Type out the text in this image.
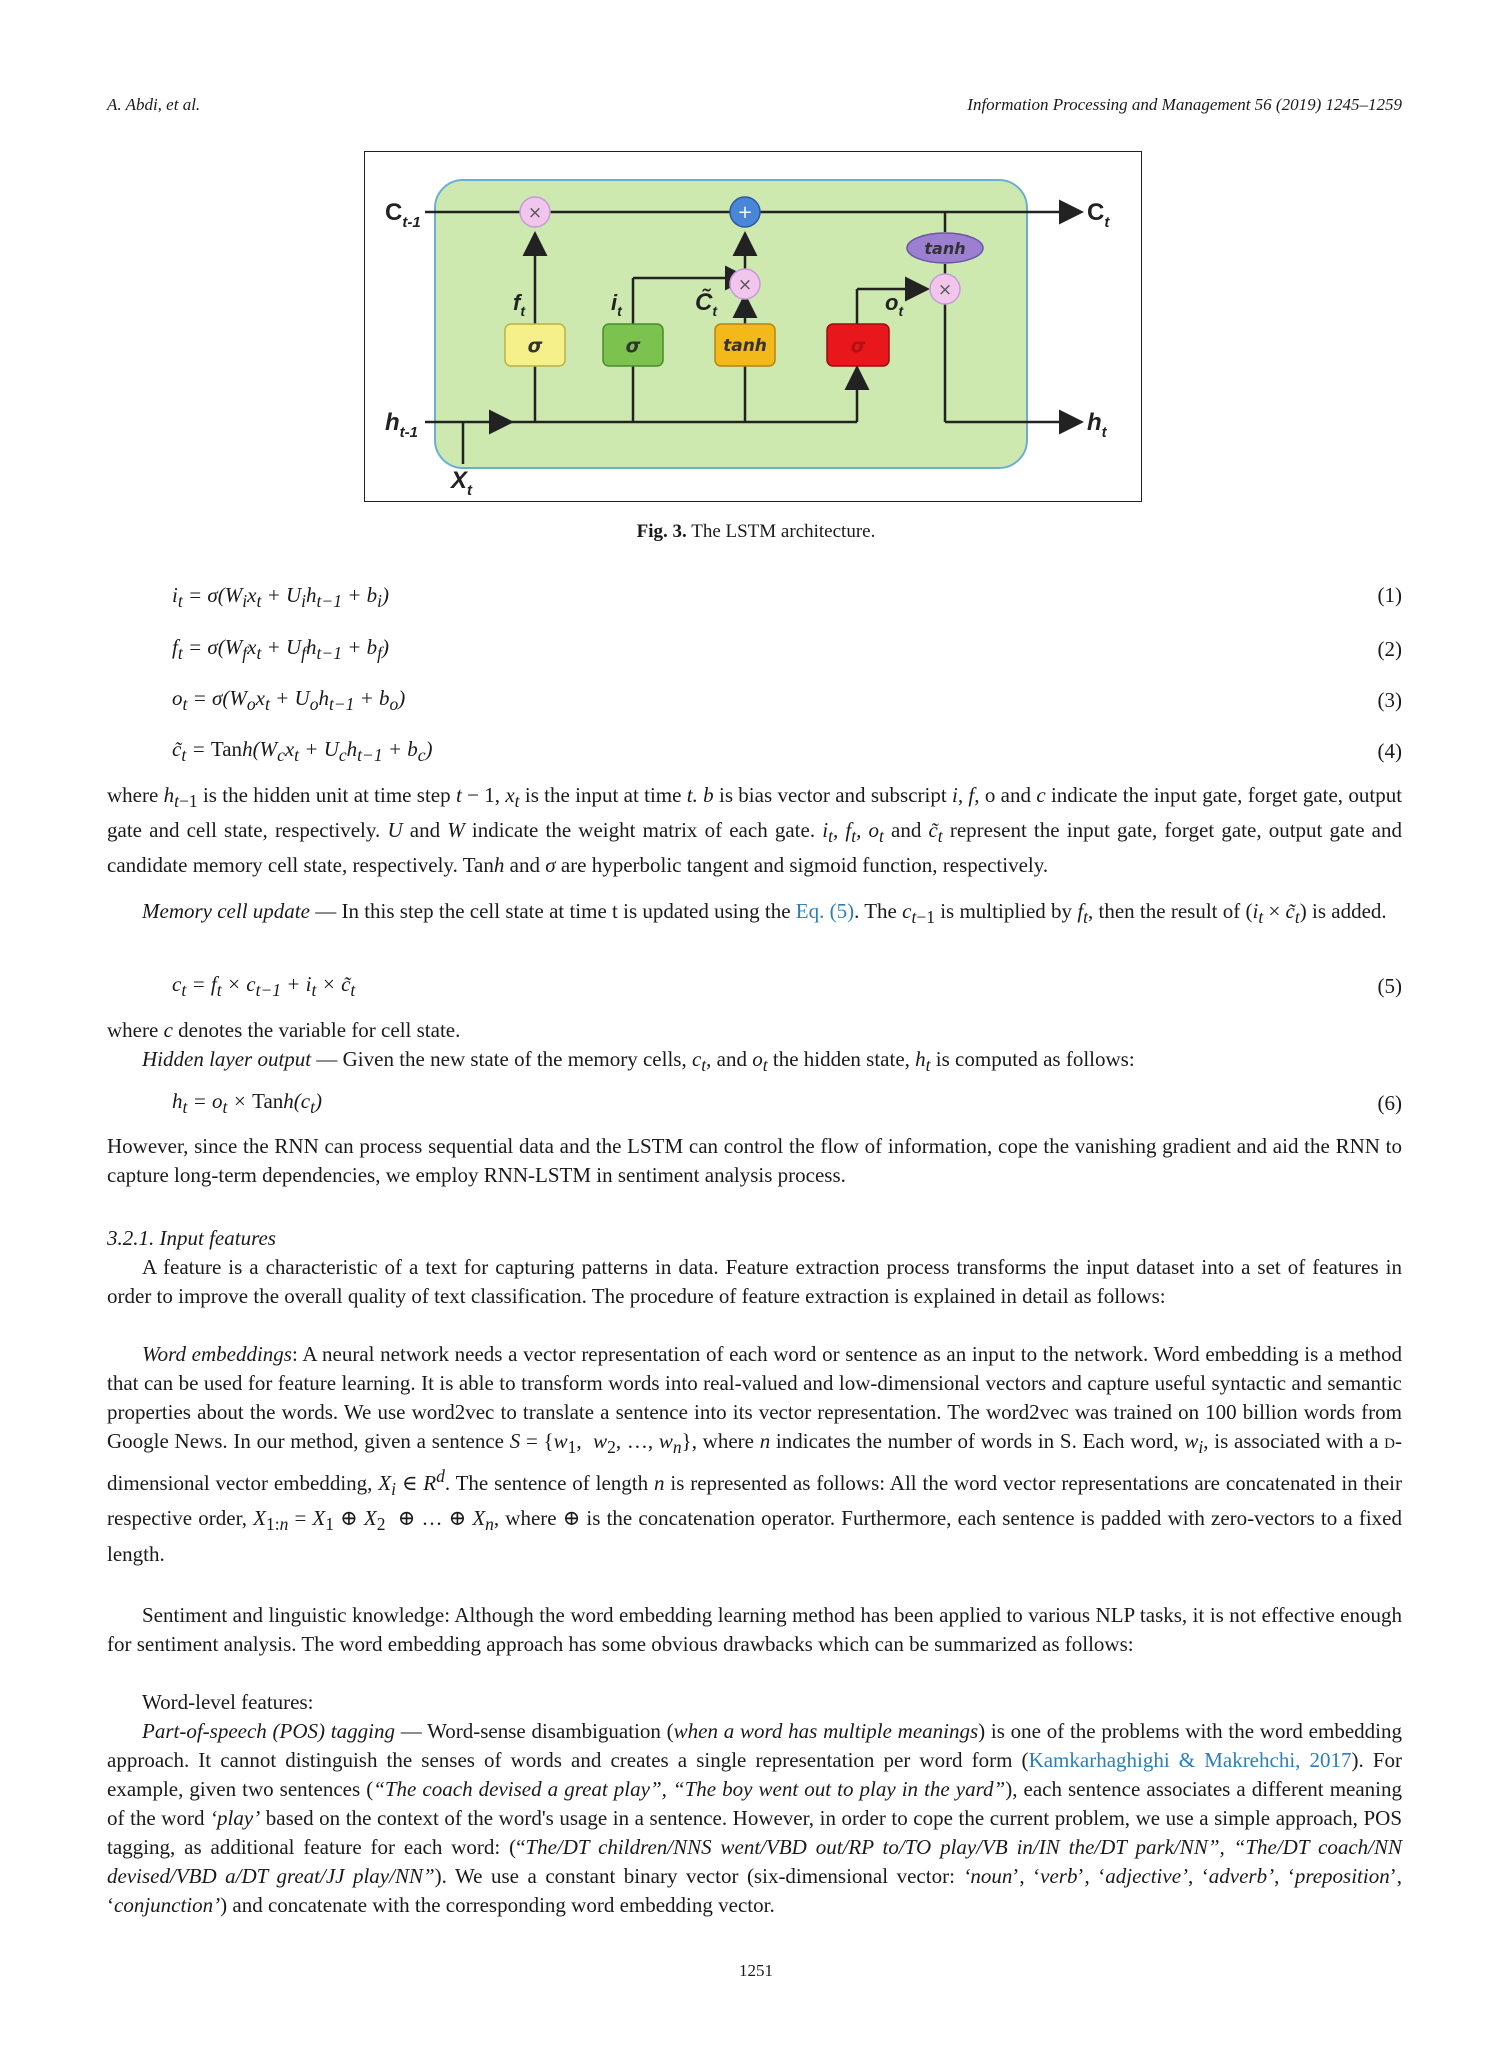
A. Abdi, et al.	Information Processing and Management 56 (2019) 1245–1259
×	+
×	×
tanh
σ	σ	tanh	σ
$C_{t-1}$	$C_t$
$h_{t-1}$	$h_t$
$X_t$
$f_t$	$i_t$	$C̃_t$	$o_t$
Fig. 3. The LSTM architecture.
$i_t = \sigma(W_ix_t + U_ih_{t-1} + b_i)$	(1)
$f_t = \sigma(W_fx_t + U_fh_{t-1} + b_f)$	(2)
$o_t = \sigma(W_ox_t + U_oh_{t-1} + b_o)$	(3)
$c̃_t$ = $Tanh(W_cx_t + U_ch_{t-1} + b_c)$	(4)

where $h_{t-1}$ is the hidden unit at time step t − 1, $x_t$ is the input at time t. b is bias vector and subscript i, f, o and c indicate the input gate, forget gate, output gate and cell state, respectively. U and W indicate the weight matrix of each gate. $i_t$, $f_t$, $o_t$ and $c̃_t$ represent the input gate, forget gate, output gate and candidate memory cell state, respectively. Tanh and σ are hyperbolic tangent and sigmoid function, respectively.

Memory cell update — In this step the cell state at time t is updated using the Eq. (5). The $c_{t-1}$ is multiplied by $f_t$, then the result of ($i_t$ × $c̃_t$) is added.

$c_t = f_t \times c_{t-1} + i_t$ × $c̃_t$	(5)

where c denotes the variable for cell state.

Hidden layer output — Given the new state of the memory cells, $c_t$, and $o_t$ the hidden state, $h_t$ is computed as follows:

$h_t = o_t$ × $Tanh(c_t)$	(6)

However, since the RNN can process sequential data and the LSTM can control the flow of information, cope the vanishing gradient and aid the RNN to capture long-term dependencies, we employ RNN-LSTM in sentiment analysis process.

3.2.1. Input features

A feature is a characteristic of a text for capturing patterns in data. Feature extraction process transforms the input dataset into a set of features in order to improve the overall quality of text classification. The procedure of feature extraction is explained in detail as follows:

Word embeddings: A neural network needs a vector representation of each word or sentence as an input to the network. Word embedding is a method that can be used for feature learning. It is able to transform words into real-valued and low-dimensional vectors and capture useful syntactic and semantic properties about the words. We use word2vec to translate a sentence into its vector representation. The word2vec was trained on 100 billion words from Google News. In our method, given a sentence $S = \{w_1$,  $w_2$, …, $w_n$}, where n indicates the number of words in S. Each word, $w_i$, is associated with a d-dimensional vector embedding, $X_i$ ∈ $R^d$. The sentence of length n is represented as follows: All the word vector representations are concatenated in their respective order, $X_{1:n} = X_1$ ⊕ $X_2$  ⊕ … ⊕ $X_n$, where ⊕ is the concatenation operator. Furthermore, each sentence is padded with zero-vectors to a fixed length.

Sentiment and linguistic knowledge: Although the word embedding learning method has been applied to various NLP tasks, it is not effective enough for sentiment analysis. The word embedding approach has some obvious drawbacks which can be summarized as follows:

Word-level features:

Part-of-speech (POS) tagging — Word-sense disambiguation (when a word has multiple meanings) is one of the problems with the word embedding approach. It cannot distinguish the senses of words and creates a single representation per word form (Kamkarhaghighi & Makrehchi, 2017). For example, given two sentences (“The coach devised a great play”, “The boy went out to play in the yard”), each sentence associates a different meaning of the word ‘play’ based on the context of the word's usage in a sentence. However, in order to cope the current problem, we use a simple approach, POS tagging, as additional feature for each word: (“The/DT children/NNS went/VBD out/RP to/TO play/VB in/IN the/DT park/NN”, “The/DT coach/NN devised/VBD a/DT great/JJ play/NN”). We use a constant binary vector (six-dimensional vector: ‘noun’, ‘verb’, ‘adjective’, ‘adverb’, ‘preposition’, ‘conjunction’) and concatenate with the corresponding word embedding vector.

1251
